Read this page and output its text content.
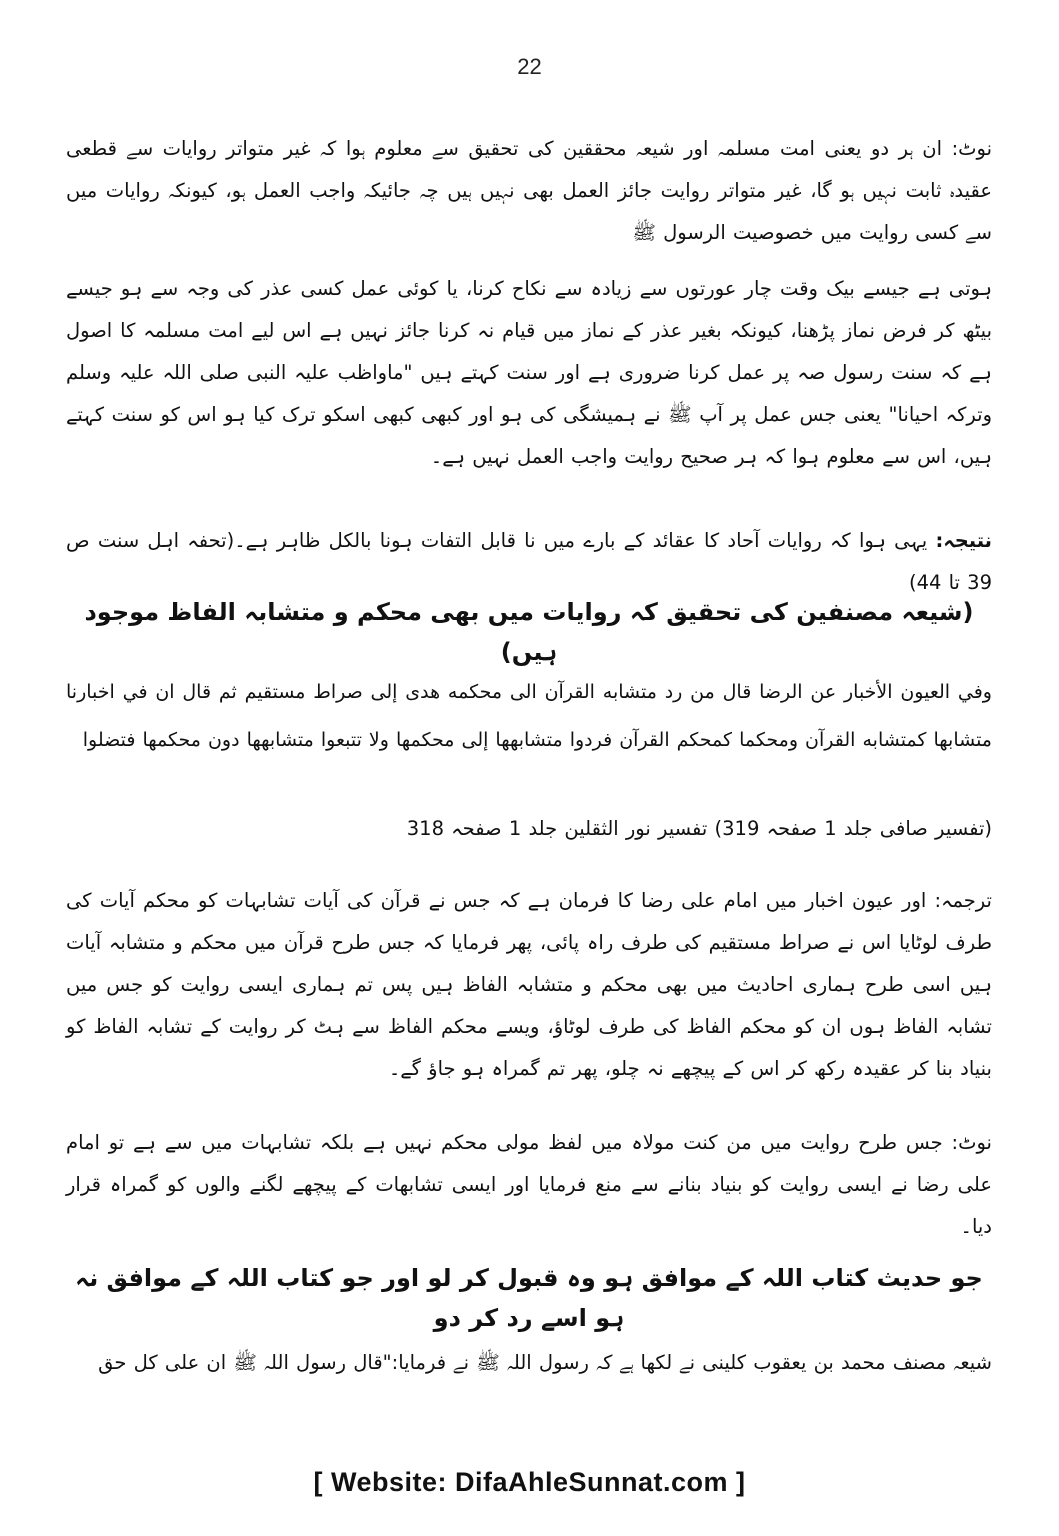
22
نوٹ: ان ہر دو یعنی امت مسلمہ اور شیعہ محققین کی تحقیق سے معلوم ہوا کہ غیر متواتر روایات سے قطعی عقیدہ ثابت نہیں ہو گا، غیر متواتر روایت جائز العمل بھی نہیں ہیں چہ جائیکہ واجب العمل ہو، کیونکہ روایات میں سے کسی روایت میں خصوصیت الرسول ﷺ
ہوتی ہے جیسے بیک وقت چار عورتوں سے زیادہ سے نکاح کرنا، یا کوئی عمل کسی عذر کی وجہ سے ہو جیسے بیٹھ کر فرض نماز پڑھنا، کیونکہ بغیر عذر کے نماز میں قیام نہ کرنا جائز نہیں ہے اس لیے امت مسلمہ کا اصول ہے کہ سنت رسول صہ پر عمل کرنا ضروری ہے اور سنت کہتے ہیں "ماواظب علیہ النبی صلی اللہ علیہ وسلم وترکہ احیانا" یعنی جس عمل پر آپ ﷺ نے ہمیشگی کی ہو اور کبھی کبھی اسکو ترک کیا ہو اس کو سنت کہتے ہیں، اس سے معلوم ہوا کہ ہر صحیح روایت واجب العمل نہیں ہے۔
نتیجہ: یہی ہوا کہ روایات آحاد کا عقائد کے بارے میں نا قابل التفات ہونا بالکل ظاہر ہے۔(تحفہ اہل سنت ص 39 تا 44)
(شیعہ مصنفین کی تحقیق کہ روایات میں بھی محکم و متشابہ الفاظ موجود ہیں)
وفي العيون الأخبار عن الرضا قال من رد متشابه القرآن الى محكمه هدى إلى صراط مستقيم ثم قال ان في اخبارنا متشابها كمتشابه القرآن ومحكما كمحكم القرآن فردوا متشابهها إلى محكمها ولا تتبعوا متشابهها دون محكمها فتضلوا
(تفسیر صافی جلد 1 صفحہ 319) تفسیر نور الثقلین جلد 1 صفحہ 318
ترجمہ: اور عیون اخبار میں امام علی رضا کا فرمان ہے کہ جس نے قرآن کی آیات تشابہات کو محکم آیات کی طرف لوٹایا اس نے صراط مستقیم کی طرف راہ پائی، پھر فرمایا کہ جس طرح قرآن میں محکم و متشابہ آیات ہیں اسی طرح ہماری احادیث میں بھی محکم و متشابہ الفاظ ہیں پس تم ہماری ایسی روایت کو جس میں تشابہ الفاظ ہوں ان کو محکم الفاظ کی طرف لوٹاؤ، ویسے محکم الفاظ سے ہٹ کر روایت کے تشابہ الفاظ کو بنیاد بنا کر عقیدہ رکھ کر اس کے پیچھے نہ چلو، پھر تم گمراہ ہو جاؤ گے۔
نوٹ: جس طرح روایت میں من کنت مولاہ میں لفظ مولی محکم نہیں ہے بلکہ تشابہات میں سے ہے تو امام علی رضا نے ایسی روایت کو بنیاد بنانے سے منع فرمایا اور ایسی تشابھات کے پیچھے لگنے والوں کو گمراہ قرار دیا۔
جو حدیث کتاب اللہ کے موافق ہو وہ قبول کر لو اور جو کتاب اللہ کے موافق نہ ہو اسے رد کر دو
شیعہ مصنف محمد بن یعقوب کلینی نے لکھا ہے کہ رسول اللہ ﷺ نے فرمایا:"قال رسول اللہ ﷺ ان علی کل حق
[ Website: DifaAhleSunnat.com ]
